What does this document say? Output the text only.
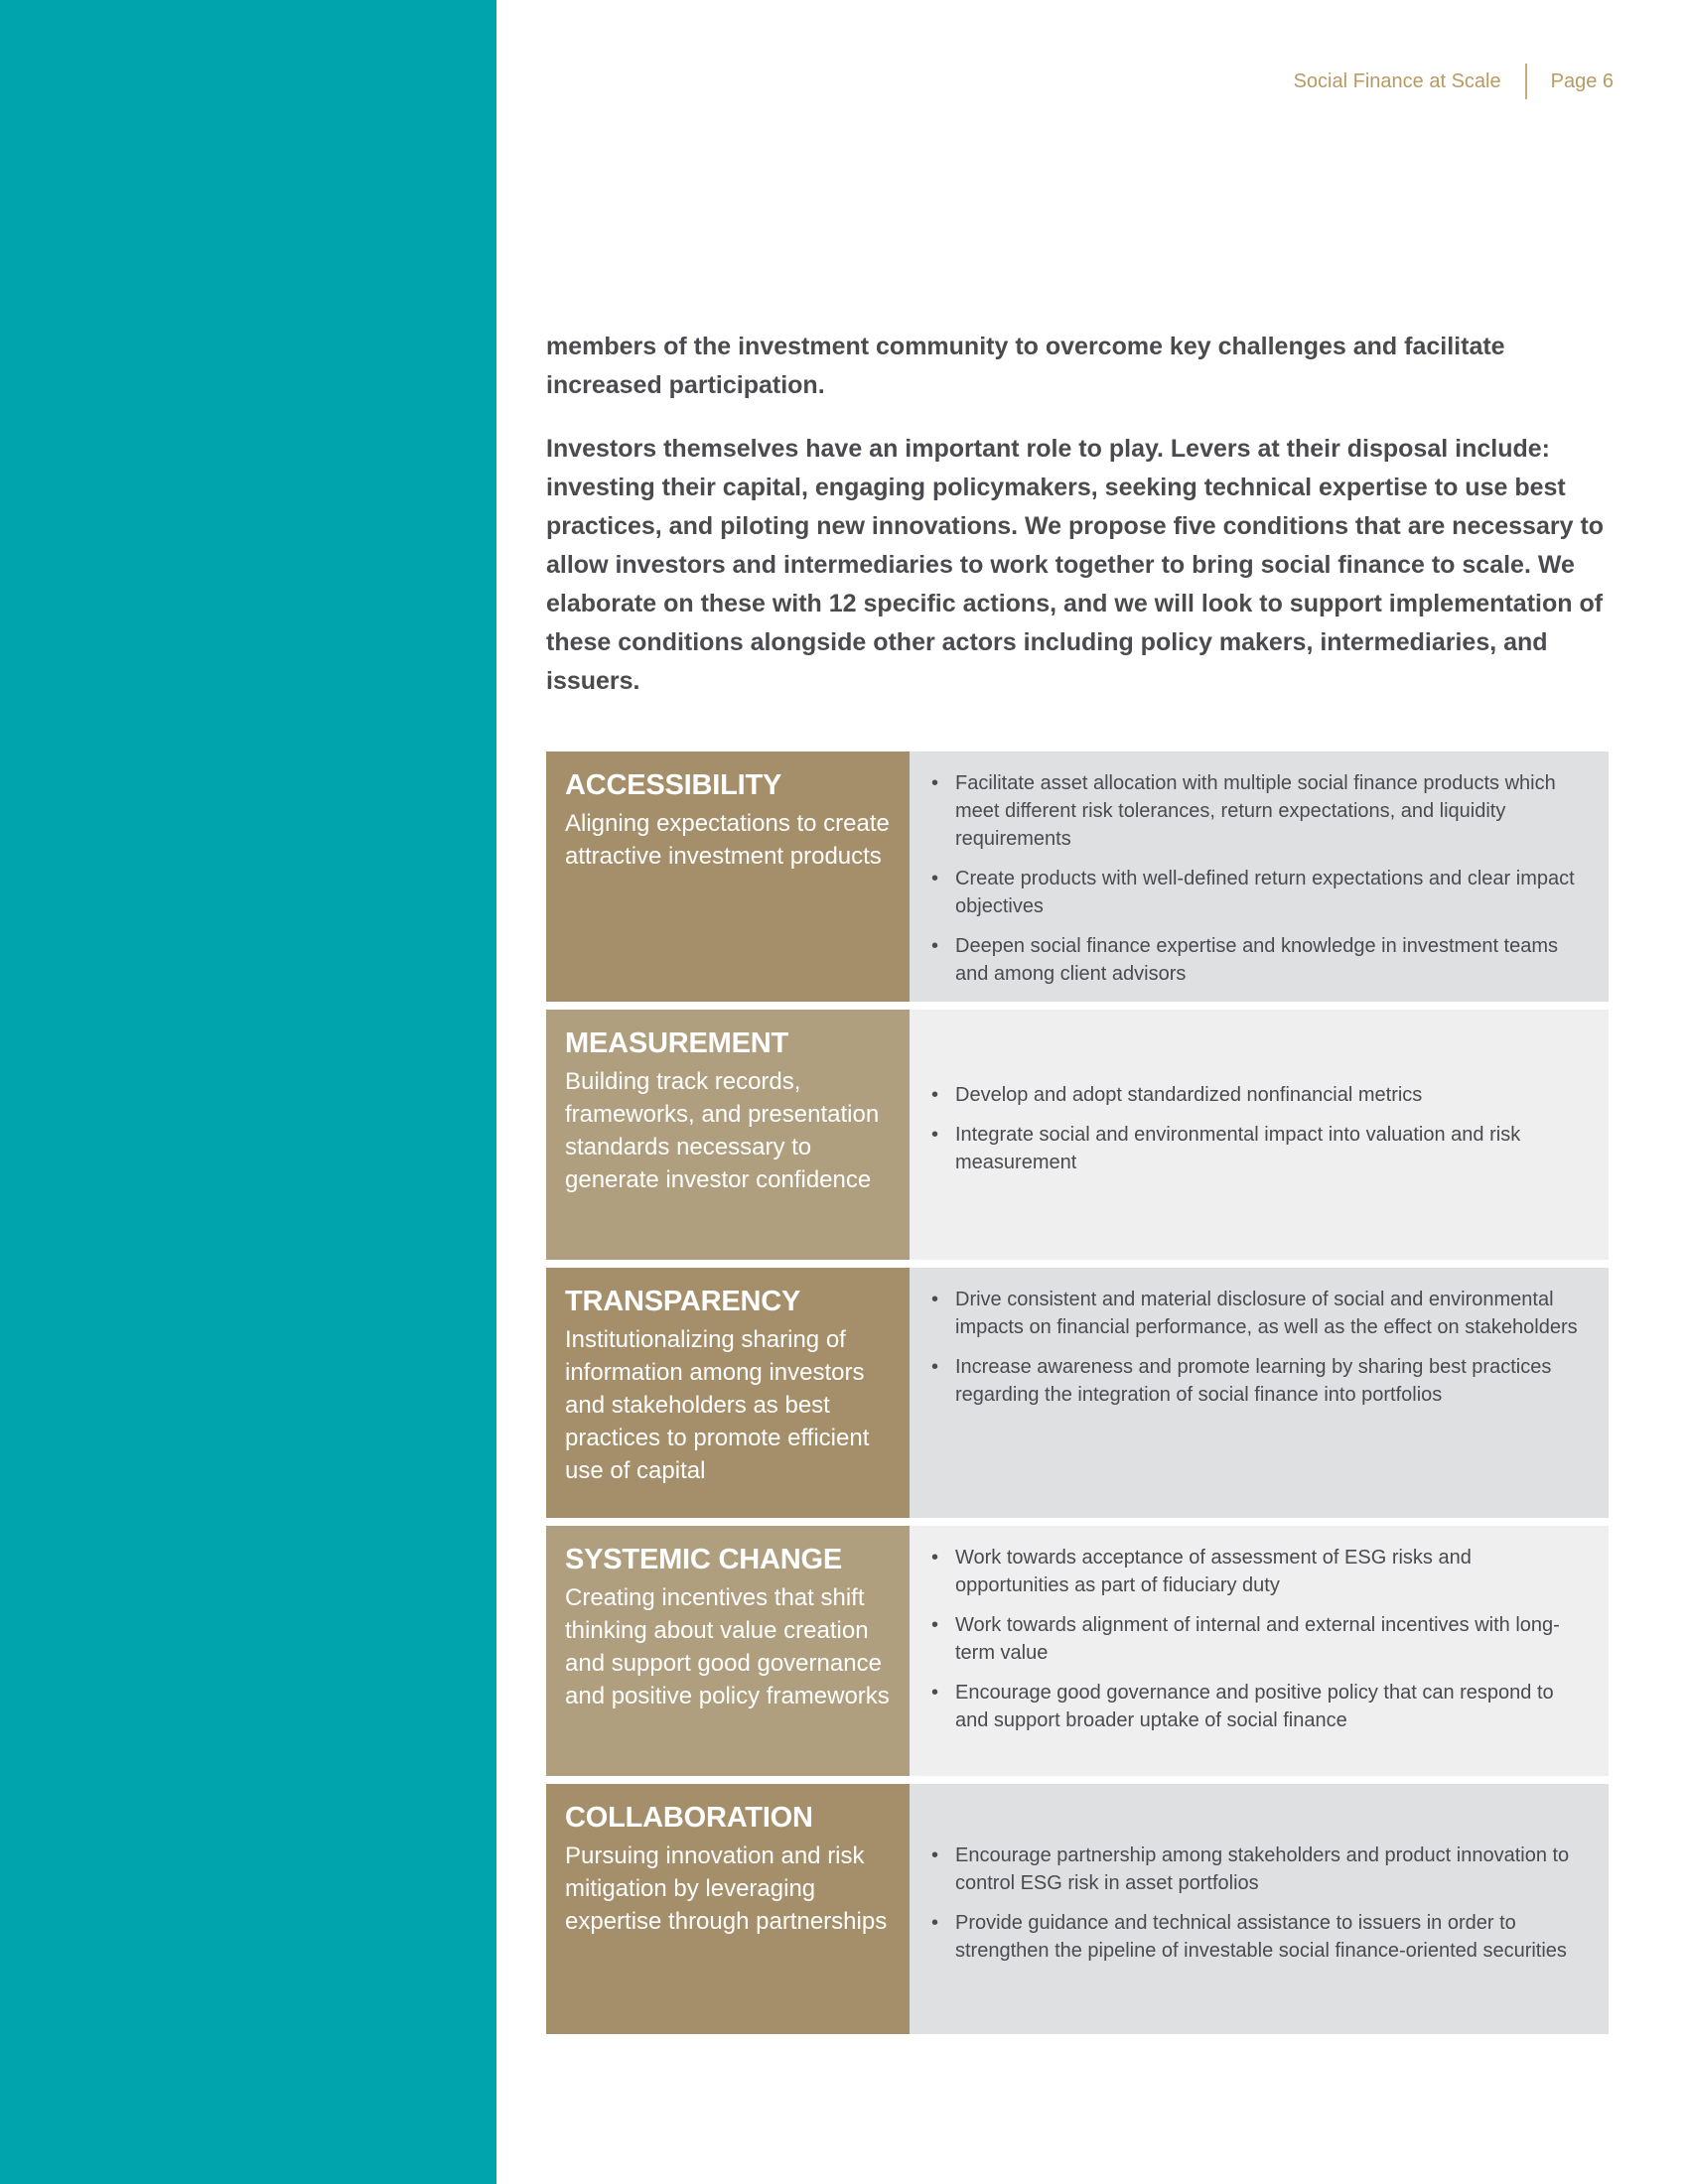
Social Finance at Scale	Page 6

members of the investment community to overcome key challenges and facilitate increased participation.

Investors themselves have an important role to play. Levers at their disposal include: investing their capital, engaging policymakers, seeking technical expertise to use best practices, and piloting new innovations. We propose five conditions that are necessary to allow investors and intermediaries to work together to bring social finance to scale. We elaborate on these with 12 specific actions, and we will look to support implementation of these conditions alongside other actors including policy makers, intermediaries, and issuers.

ACCESSIBILITY
Aligning expectations to create attractive investment products
• Facilitate asset allocation with multiple social finance products which meet different risk tolerances, return expectations, and liquidity requirements
• Create products with well-defined return expectations and clear impact objectives
• Deepen social finance expertise and knowledge in investment teams and among client advisors
MEASUREMENT
Building track records, frameworks, and presentation standards necessary to generate investor confidence
• Develop and adopt standardized nonfinancial metrics
• Integrate social and environmental impact into valuation and risk measurement
TRANSPARENCY
Institutionalizing sharing of information among investors and stakeholders as best practices to promote efficient use of capital
• Drive consistent and material disclosure of social and environmental impacts on financial performance, as well as the effect on stakeholders
• Increase awareness and promote learning by sharing best practices regarding the integration of social finance into portfolios
SYSTEMIC CHANGE
Creating incentives that shift thinking about value creation and support good governance and positive policy frameworks
• Work towards acceptance of assessment of ESG risks and opportunities as part of fiduciary duty
• Work towards alignment of internal and external incentives with long-term value
• Encourage good governance and positive policy that can respond to and support broader uptake of social finance
COLLABORATION
Pursuing innovation and risk mitigation by leveraging expertise through partnerships
• Encourage partnership among stakeholders and product innovation to control ESG risk in asset portfolios
• Provide guidance and technical assistance to issuers in order to strengthen the pipeline of investable social finance-oriented securities
